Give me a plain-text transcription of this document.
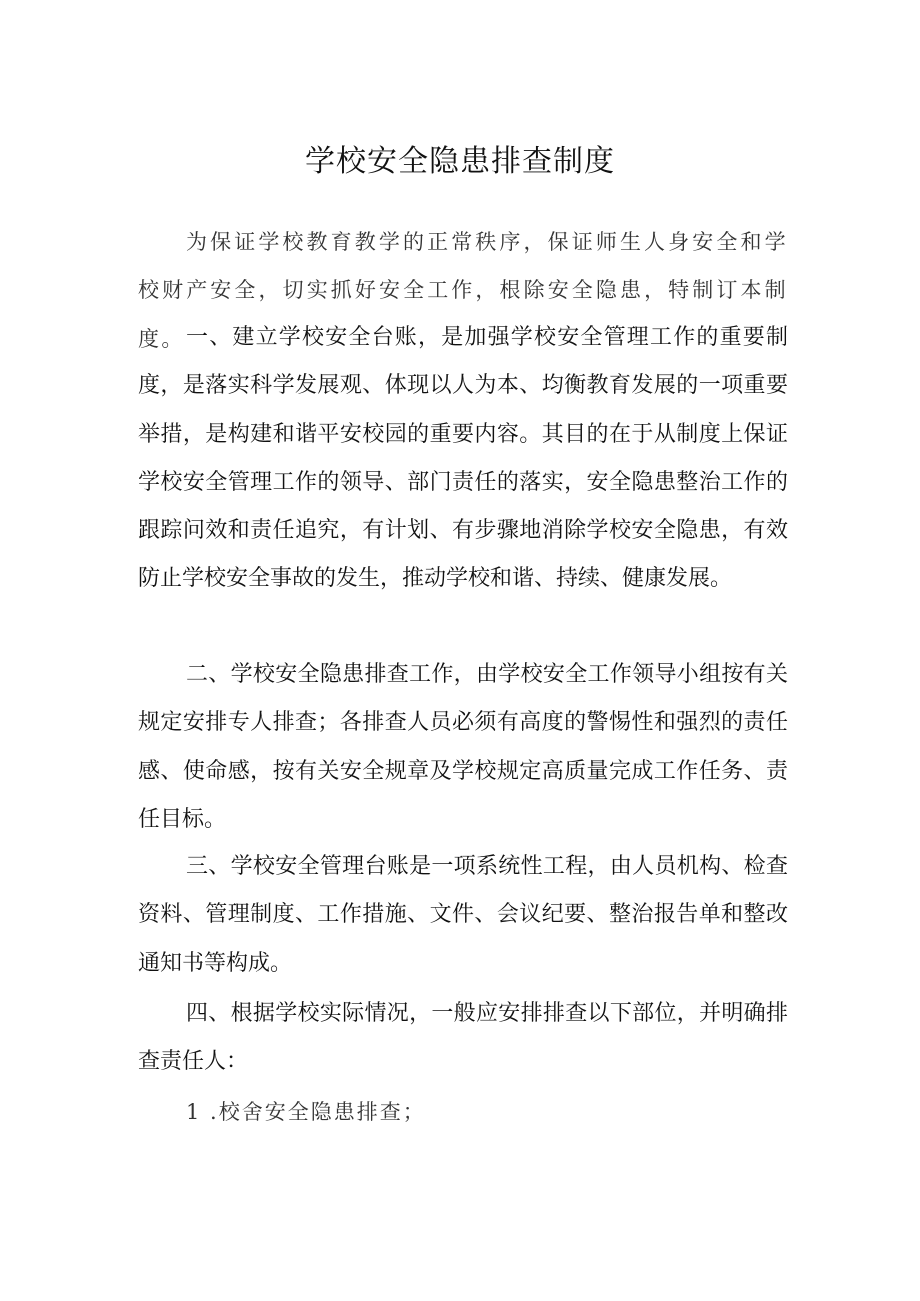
学校安全隐患排查制度

为保证学校教育教学的正常秩序，保证师生人身安全和学校财产安全，切实抓好安全工作，根除安全隐患，特制订本制度。 一、建立学校安全台账，是加强学校安全管理工作的重要制度，是落实科学发展观、体现以人为本、均衡教育发展的一项重要举措，是构建和谐平安校园的重要内容。其目的在于从制度上保证学校安全管理工作的领导、部门责任的落实，安全隐患整治工作的跟踪问效和责任追究，有计划、有步骤地消除学校安全隐患，有效防止学校安全事故的发生，推动学校和谐、持续、健康发展。

二、学校安全隐患排查工作，由学校安全工作领导小组按有关规定安排专人排查；各排查人员必须有高度的警惕性和强烈的责任感、使命感，按有关安全规章及学校规定高质量完成工作任务、责任目标。

三、学校安全管理台账是一项系统性工程，由人员机构、检查资料、管理制度、工作措施、文件、会议纪要、整治报告单和整改通知书等构成。

四、根据学校实际情况，一般应安排排查以下部位，并明确排查责任人：

1 .校舍安全隐患排查；
